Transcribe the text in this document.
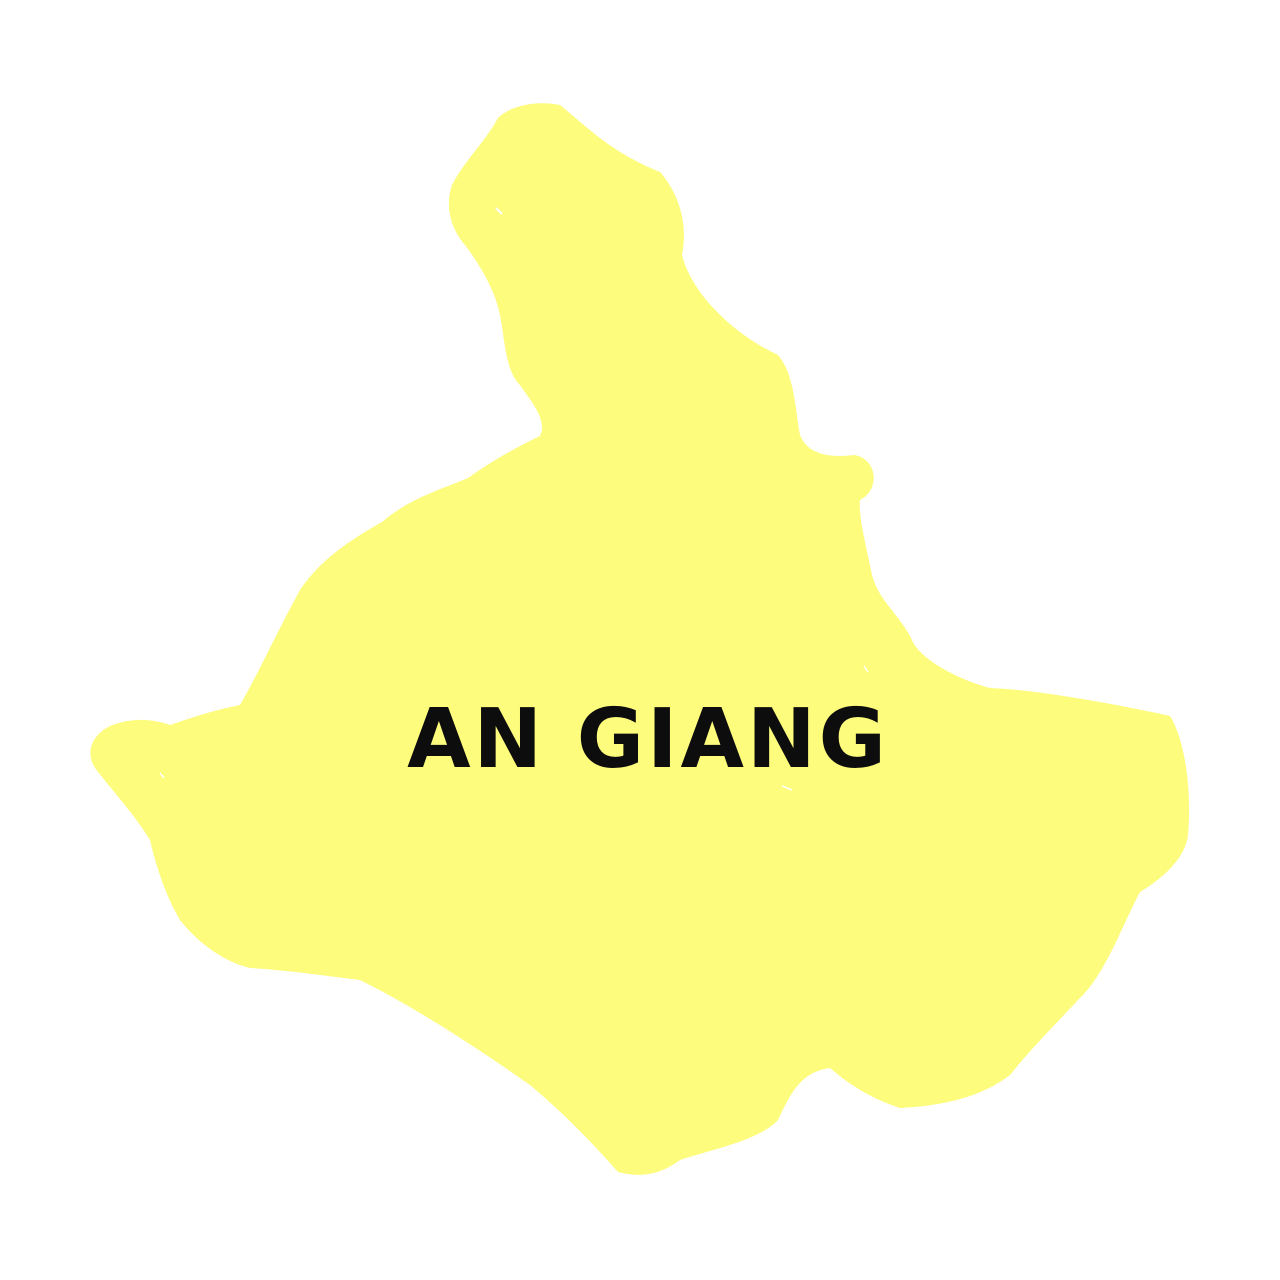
AN GIANG
